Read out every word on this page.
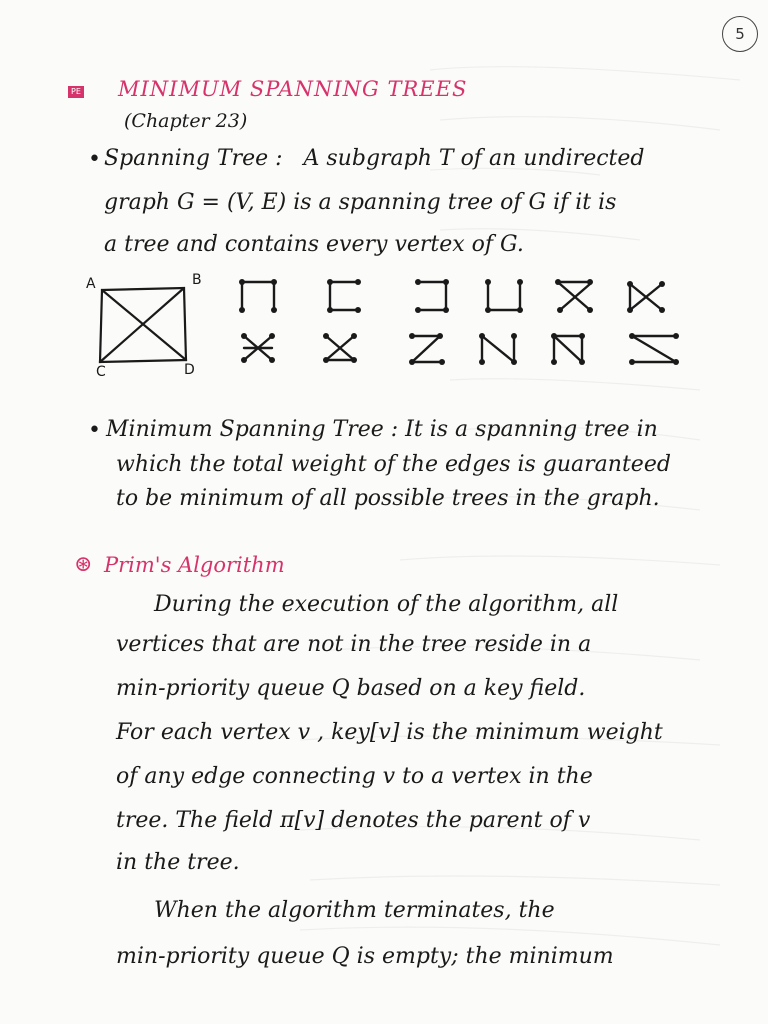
5
PE MINIMUM SPANNING TREES
(Chapter 23)
• Spanning Tree : A subgraph T of an undirected
graph G = (V, E) is a spanning tree of G if it is
a tree and contains every vertex of G.
A	B
C	D
• Minimum Spanning Tree : It is a spanning tree in
which the total weight of the edges is guaranteed
to be minimum of all possible trees in the graph.
⊛ Prim's Algorithm
During the execution of the algorithm, all
vertices that are not in the tree reside in a
min-priority queue Q based on a key field.
For each vertex v , key[v] is the minimum weight
of any edge connecting v to a vertex in the
tree. The field π[v] denotes the parent of v
in the tree.
When the algorithm terminates, the
min-priority queue Q is empty; the minimum
